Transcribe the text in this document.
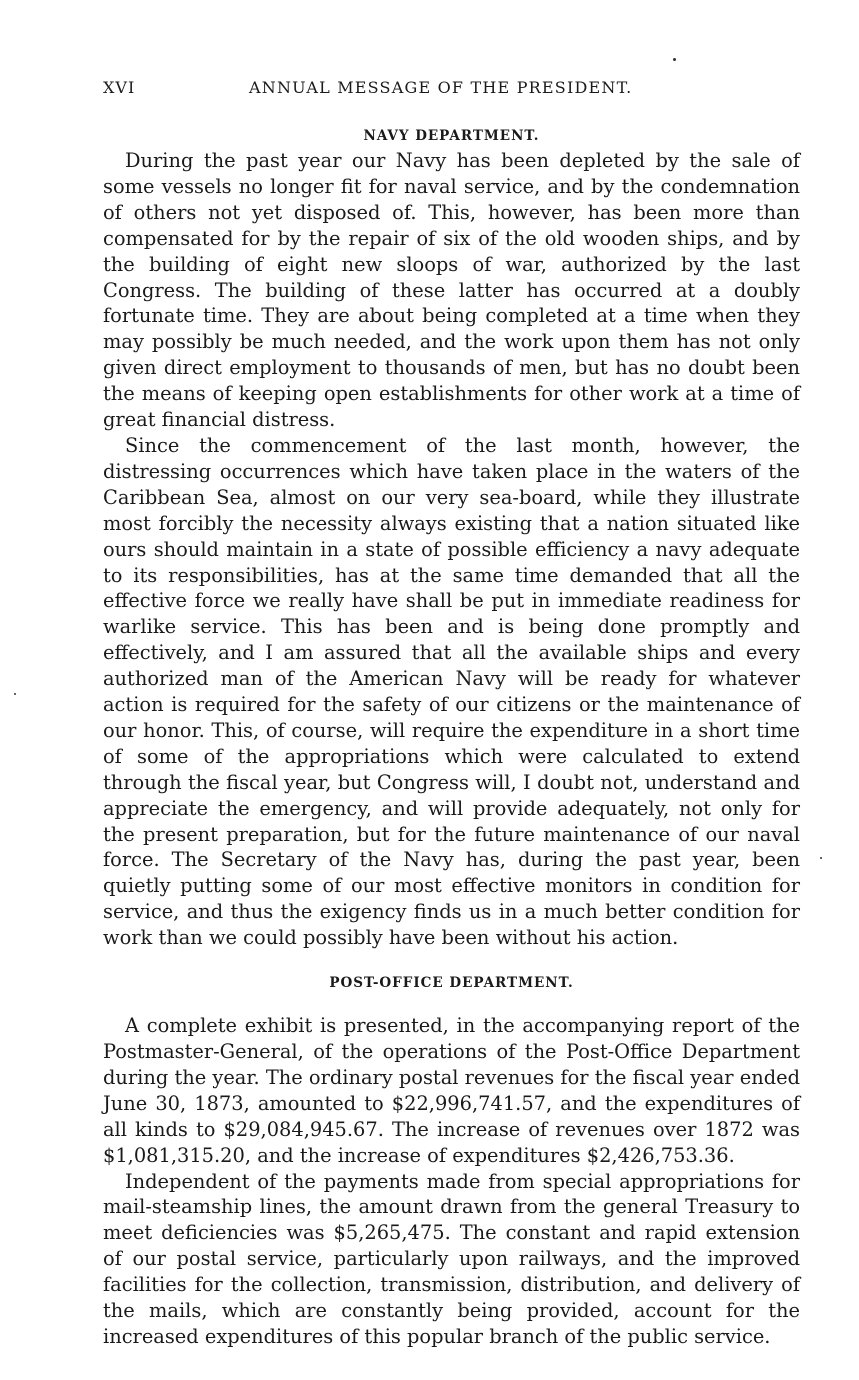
XVI	ANNUAL MESSAGE OF THE PRESIDENT.
NAVY DEPARTMENT.

During the past year our Navy has been depleted by the sale of some vessels no longer fit for naval service, and by the condemnation of others not yet disposed of. This, however, has been more than compensated for by the repair of six of the old wooden ships, and by the building of eight new sloops of war, authorized by the last Congress. The building of these latter has occurred at a doubly fortunate time. They are about being completed at a time when they may possibly be much needed, and the work upon them has not only given direct employment to thousands of men, but has no doubt been the means of keeping open establishments for other work at a time of great financial distress.

Since the commencement of the last month, however, the distressing occurrences which have taken place in the waters of the Caribbean Sea, almost on our very sea-board, while they illustrate most forcibly the necessity always existing that a nation situated like ours should maintain in a state of possible efficiency a navy adequate to its responsibilities, has at the same time demanded that all the effective force we really have shall be put in immediate readiness for warlike service. This has been and is being done promptly and effectively, and I am assured that all the available ships and every authorized man of the American Navy will be ready for whatever action is required for the safety of our citizens or the maintenance of our honor. This, of course, will require the expenditure in a short time of some of the appropriations which were calculated to extend through the fiscal year, but Congress will, I doubt not, understand and appreciate the emergency, and will provide adequately, not only for the present preparation, but for the future maintenance of our naval force. The Secretary of the Navy has, during the past year, been quietly putting some of our most effective monitors in condition for service, and thus the exigency finds us in a much better condition for work than we could possibly have been without his action.

POST-OFFICE DEPARTMENT.

A complete exhibit is presented, in the accompanying report of the Postmaster-General, of the operations of the Post-Office Department during the year. The ordinary postal revenues for the fiscal year ended June 30, 1873, amounted to $22,996,741.57, and the expenditures of all kinds to $29,084,945.67. The increase of revenues over 1872 was $1,081,315.20, and the increase of expenditures $2,426,753.36.

Independent of the payments made from special appropriations for mail-steamship lines, the amount drawn from the general Treasury to meet deficiencies was $5,265,475. The constant and rapid extension of our postal service, particularly upon railways, and the improved facilities for the collection, transmission, distribution, and delivery of the mails, which are constantly being provided, account for the increased expenditures of this popular branch of the public service.
